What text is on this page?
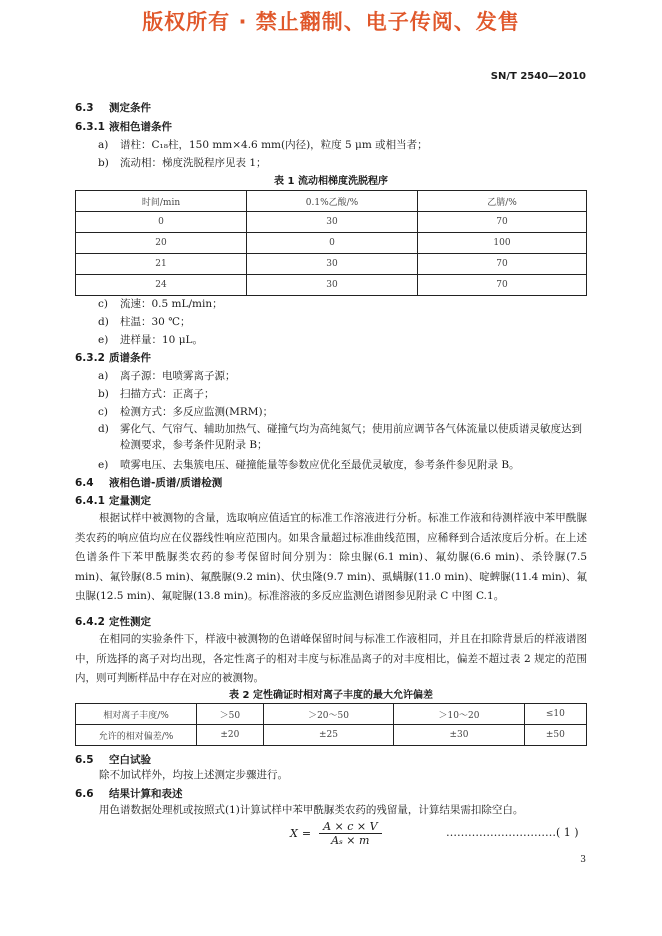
版权所有 · 禁止翻制、电子传阅、发售
SN/T 2540—2010
6.3 测定条件
6.3.1 液相色谱条件
a) 谱柱：C₁₈柱，150 mm×4.6 mm(内径)，粒度 5 μm 或相当者；
b) 流动相：梯度洗脱程序见表 1；
表 1 流动相梯度洗脱程序
时间/min	0.1%乙酸/%	乙腈/%
0	30	70
20	0	100
21	30	70
24	30	70
c) 流速：0.5 mL/min；
d) 柱温：30 ℃；
e) 进样量：10 μL。
6.3.2 质谱条件
a) 离子源：电喷雾离子源；
b) 扫描方式：正离子；
c) 检测方式：多反应监测(MRM)；
d)	雾化气、气帘气、辅助加热气、碰撞气均为高纯氮气；使用前应调节各气体流量以使质谱灵敏度达到检测要求，参考条件见附录 B；
e) 喷雾电压、去集簇电压、碰撞能量等参数应优化至最优灵敏度，参考条件参见附录 B。
6.4 液相色谱-质谱/质谱检测
6.4.1 定量测定
根据试样中被测物的含量，选取响应值适宜的标准工作溶液进行分析。标准工作液和待测样液中苯甲酰脲类农药的响应值均应在仪器线性响应范围内。如果含量超过标准曲线范围，应稀释到合适浓度后分析。在上述色谱条件下苯甲酰脲类农药的参考保留时间分别为：除虫脲(6.1 min)、氟幼脲(6.6 min)、杀铃脲(7.5 min)、氟铃脲(8.5 min)、氟酰脲(9.2 min)、伏虫隆(9.7 min)、虱螨脲(11.0 min)、啶蜱脲(11.4 min)、氟虫脲(12.5 min)、氟啶脲(13.8 min)。标准溶液的多反应监测色谱图参见附录 C 中图 C.1。
6.4.2 定性测定
在相同的实验条件下，样液中被测物的色谱峰保留时间与标准工作液相同，并且在扣除背景后的样液谱图中，所选择的离子对均出现，各定性离子的相对丰度与标准品离子的对丰度相比，偏差不超过表 2 规定的范围内，则可判断样品中存在对应的被测物。
表 2 定性确证时相对离子丰度的最大允许偏差
相对离子丰度/%	＞50	＞20～50	＞10～20	≤10
允许的相对偏差/%	±20	±25	±30	±50
6.5 空白试验
除不加试样外，均按上述测定步骤进行。
6.6 结果计算和表述
用色谱数据处理机或按照式(1)计算试样中苯甲酰脲类农药的残留量，计算结果需扣除空白。
$X = \frac{A \times c \times V}{\text{Aₛ × m}}$	…………………………( 1 )
3
